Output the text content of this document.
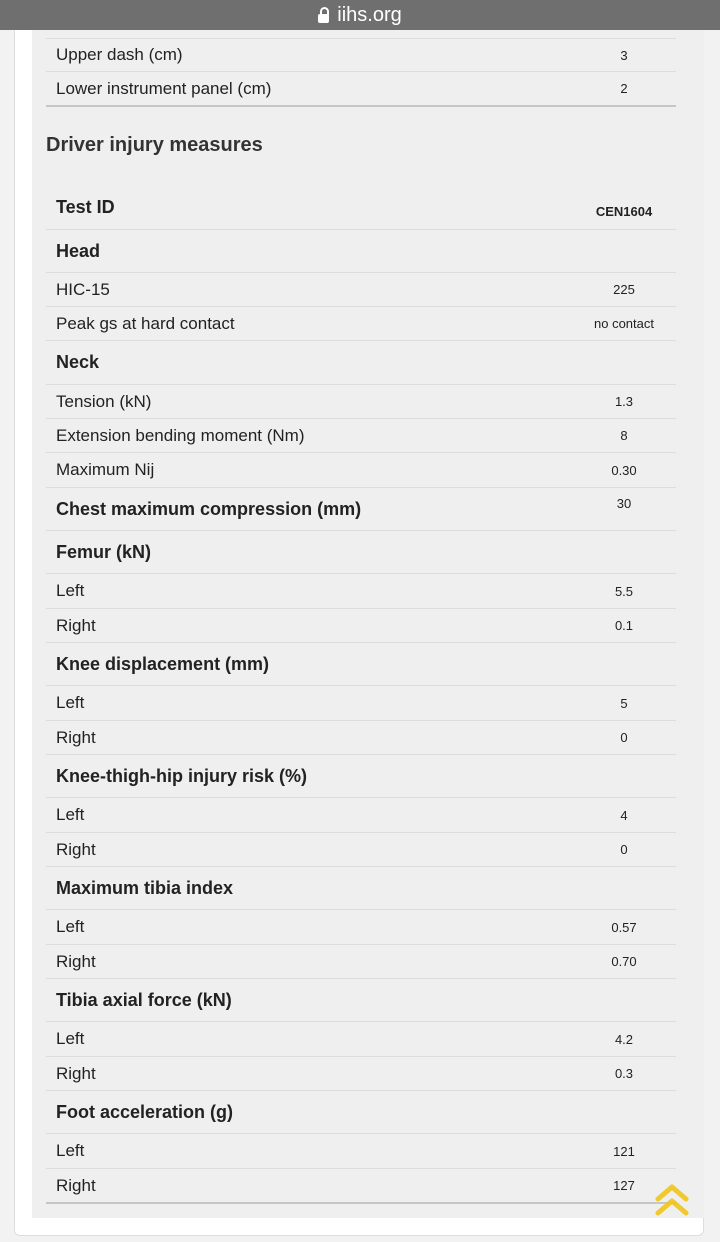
iihs.org
Upper dash (cm)	3
Lower instrument panel (cm)	2
Driver injury measures
Test ID	CEN1604
Head
HIC-15	225
Peak gs at hard contact	no contact
Neck
Tension (kN)	1.3
Extension bending moment (Nm)	8
Maximum Nij	0.30
Chest maximum compression (mm)	30
Femur (kN)
Left	5.5
Right	0.1
Knee displacement (mm)
Left	5
Right	0
Knee-thigh-hip injury risk (%)
Left	4
Right	0
Maximum tibia index
Left	0.57
Right	0.70
Tibia axial force (kN)
Left	4.2
Right	0.3
Foot acceleration (g)
Left	121
Right	127
